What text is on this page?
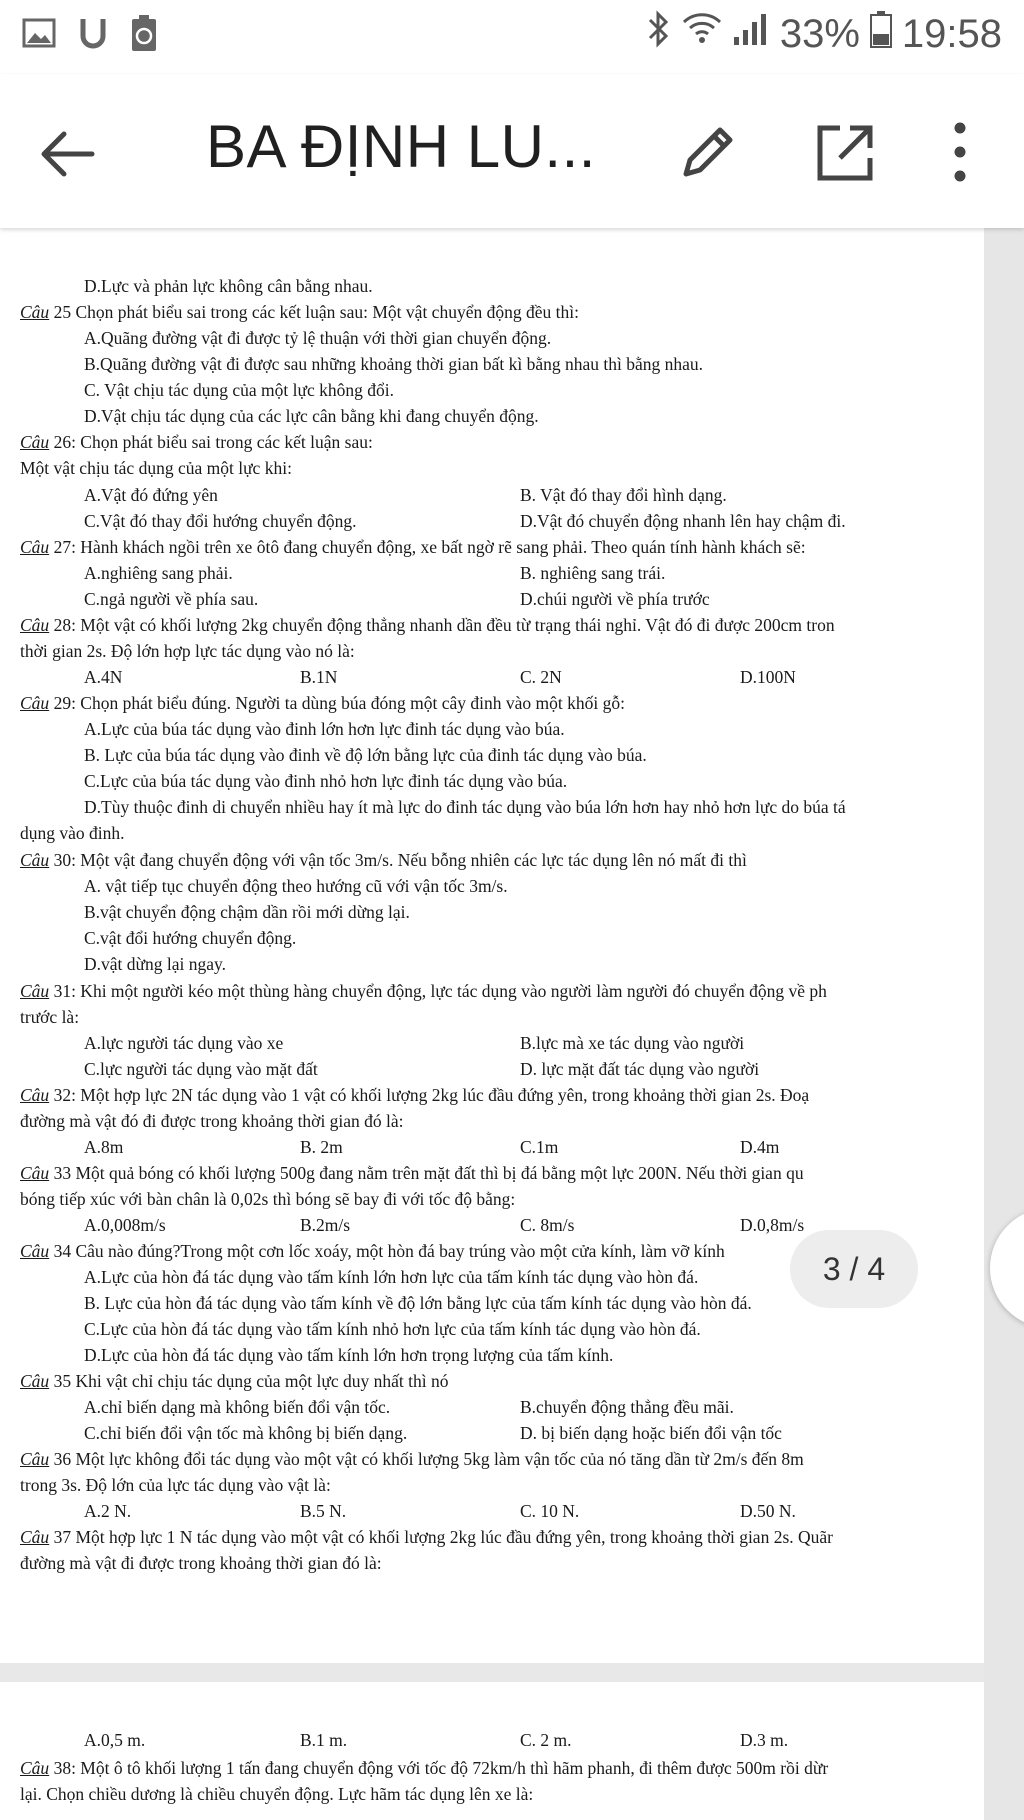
33% 19:58
BA ĐỊNH LU...
D.Lực và phản lực không cân bằng nhau.
Câu 25 Chọn phát biểu sai trong các kết luận sau: Một vật chuyển động đều thì:
A.Quãng đường vật đi được tỷ lệ thuận với thời gian chuyển động.
B.Quãng đường vật đi được sau những khoảng thời gian bất kì bằng nhau thì bằng nhau.
C. Vật chịu tác dụng của một lực không đổi.
D.Vật chịu tác dụng của các lực cân bằng khi đang chuyển động.
Câu 26: Chọn phát biểu sai trong các kết luận sau:
Một vật chịu tác dụng của một lực khi:
A.Vật đó đứng yên	B. Vật đó thay đổi hình dạng.
C.Vật đó thay đổi hướng chuyển động.	D.Vật đó chuyển động nhanh lên hay chậm đi.
Câu 27: Hành khách ngồi trên xe ôtô đang chuyển động, xe bất ngờ rẽ sang phải. Theo quán tính hành khách sẽ:
A.nghiêng sang phải.	B. nghiêng sang trái.
C.ngả người về phía sau.	D.chúi người về phía trước
Câu 28: Một vật có khối lượng 2kg chuyển động thẳng nhanh dần đều từ trạng thái nghỉ. Vật đó đi được 200cm tron
thời gian 2s. Độ lớn hợp lực tác dụng vào nó là:
A.4N	B.1N	C. 2N	D.100N
Câu 29: Chọn phát biểu đúng. Người ta dùng búa đóng một cây đinh vào một khối gỗ:
A.Lực của búa tác dụng vào đinh lớn hơn lực đinh tác dụng vào búa.
B. Lực của búa tác dụng vào đinh về độ lớn bằng lực của đinh tác dụng vào búa.
C.Lực của búa tác dụng vào đinh nhỏ hơn lực đinh tác dụng vào búa.
D.Tùy thuộc đinh di chuyển nhiều hay ít mà lực do đinh tác dụng vào búa lớn hơn hay nhỏ hơn lực do búa tá
dụng vào đinh.
Câu 30: Một vật đang chuyển động với vận tốc 3m/s. Nếu bỗng nhiên các lực tác dụng lên nó mất đi thì
A. vật tiếp tục chuyển động theo hướng cũ với vận tốc 3m/s.
B.vật chuyển động chậm dần rồi mới dừng lại.
C.vật đổi hướng chuyển động.
D.vật dừng lại ngay.
Câu 31: Khi một người kéo một thùng hàng chuyển động, lực tác dụng vào người làm người đó chuyển động về ph
trước là:
A.lực người tác dụng vào xe	B.lực mà xe tác dụng vào người
C.lực người tác dụng vào mặt đất	D. lực mặt đất tác dụng vào người
Câu 32: Một hợp lực 2N tác dụng vào 1 vật có khối lượng 2kg lúc đầu đứng yên, trong khoảng thời gian 2s. Đoạ
đường mà vật đó đi được trong khoảng thời gian đó là:
A.8m	B. 2m	C.1m	D.4m
Câu 33 Một quả bóng có khối lượng 500g đang nằm trên mặt đất thì bị đá bằng một lực 200N. Nếu thời gian qu
bóng tiếp xúc với bàn chân là 0,02s thì bóng sẽ bay đi với tốc độ bằng:
A.0,008m/s	B.2m/s	C. 8m/s	D.0,8m/s
Câu 34 Câu nào đúng?Trong một cơn lốc xoáy, một hòn đá bay trúng vào một cửa kính, làm vỡ kính
A.Lực của hòn đá tác dụng vào tấm kính lớn hơn lực của tấm kính tác dụng vào hòn đá.
B. Lực của hòn đá tác dụng vào tấm kính về độ lớn bằng lực của tấm kính tác dụng vào hòn đá.
C.Lực của hòn đá tác dụng vào tấm kính nhỏ hơn lực của tấm kính tác dụng vào hòn đá.
D.Lực của hòn đá tác dụng vào tấm kính lớn hơn trọng lượng của tấm kính.
Câu 35 Khi vật chỉ chịu tác dụng của một lực duy nhất thì nó
A.chỉ biến dạng mà không biến đổi vận tốc.	B.chuyển động thẳng đều mãi.
C.chỉ biến đổi vận tốc mà không bị biến dạng.	D. bị biến dạng hoặc biến đổi vận tốc
Câu 36 Một lực không đổi tác dụng vào một vật có khối lượng 5kg làm vận tốc của nó tăng dần từ 2m/s đến 8m
trong 3s. Độ lớn của lực tác dụng vào vật là:
A.2 N.	B.5 N.	C. 10 N.	D.50 N.
Câu 37 Một hợp lực 1 N tác dụng vào một vật có khối lượng 2kg lúc đầu đứng yên, trong khoảng thời gian 2s. Quãr
đường mà vật đi được trong khoảng thời gian đó là:
A.0,5 m.	B.1 m.	C. 2 m.	D.3 m.
Câu 38: Một ô tô khối lượng 1 tấn đang chuyển động với tốc độ 72km/h thì hãm phanh, đi thêm được 500m rồi dừr
lại. Chọn chiều dương là chiều chuyển động. Lực hãm tác dụng lên xe là:
3 / 4
